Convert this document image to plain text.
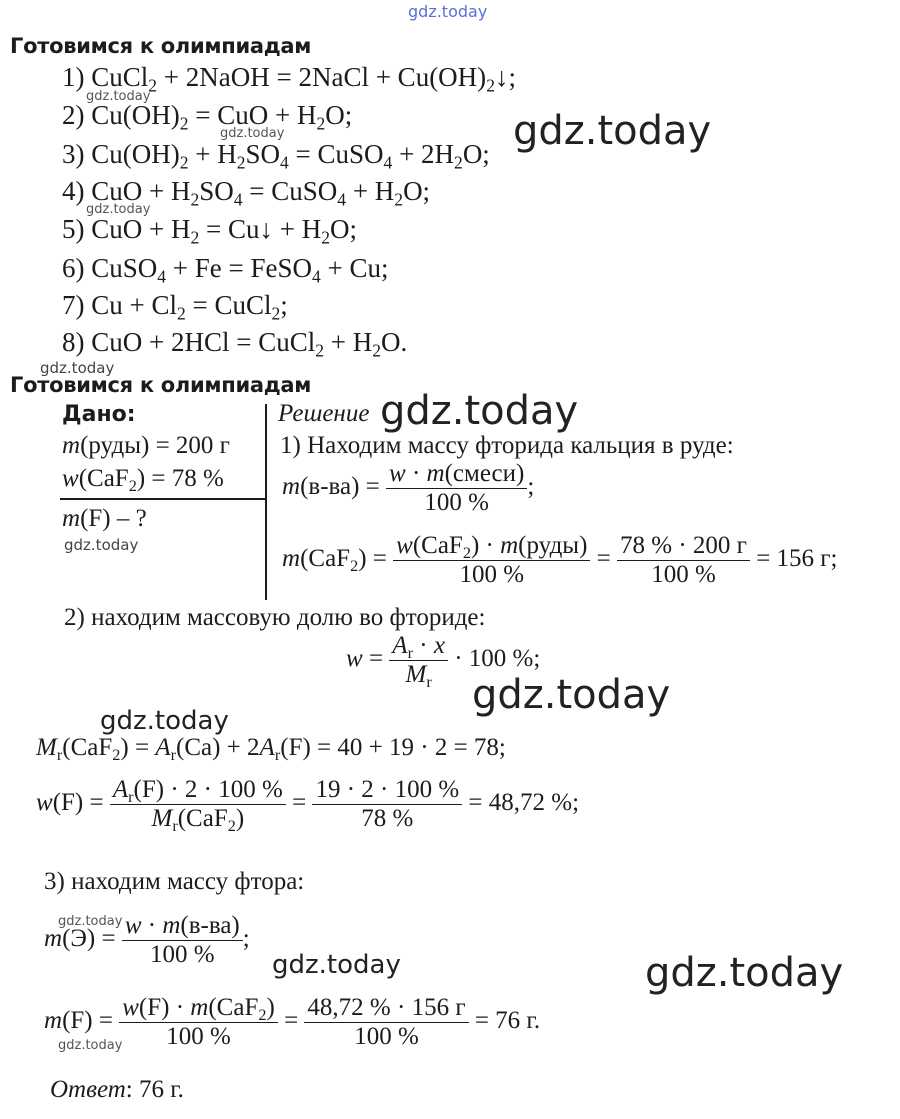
gdz.today
Готовимся к олимпиадам
1) CuCl$_2$ + 2NaOH = 2NaCl + $Cu(OH)_2↓$;
2) $Cu(OH)_2$ = CuO + $H_2O$;
3) $Cu(OH)_2 + H_2SO_4$ = CuSO$_4$ + $2H_2O$;
4) CuO + $H_2SO_4$ = CuSO$_4$ + $H_2O$;
5) CuO + $H_2$ = Cu↓ + $H_2O$;
6) CuSO$_4$ + Fe = FeSO$_4$ + Cu;
7) $Cu + Cl_2$ = CuCl$_2$;
8) CuO + 2HCl = CuCl$_2$ + $H_2O$.
gdz.today
gdz.today
gdz.today
gdz.today
gdz.today
Готовимся к олимпиадам
Дано:
m(руды) = 200 г
w(CaF$_2$) = 78 %
m(F) – ?
gdz.today
Решение gdz.today
1) Находим массу фторида кальция в руде:
$m(в-ва) = \frac{\text{w · m(смеси)}}{100 \%}$ ;
$m(CaF_2) = \frac{w(CaF_2) \cdot m(руды)}{100 \%} = \frac{78 \% \cdot 200 г}{100 \%} = 156$ г;
2) находим массовую долю во фториде:
$w = \frac{A_r \cdot x}{M_r} \cdot 100$ %;
gdz.today
gdz.today
$M_r(CaF_2) = A_r(Ca) + 2A_r(F) = 40 + 19 \cdot 2 = 78$;
$w(F) = \frac{A_r(F) \cdot 2 \cdot 100 \%}{M_r(CaF_2)} = \frac{19 \cdot 2 \cdot 100 \%}{78 \%} = 48,72$ %;
3) находим массу фтора:
gdz.today
$m(Э) = \frac{w \cdot m(в-ва)}{100 \%}$ ;
gdz.today	gdz.today
$m(F) = \frac{w(F) \cdot m(CaF_2)}{100 \%} = \frac{48,72 \% \cdot 156 г}{100 \%} = 76$ г.
gdz.today
Ответ: 76 г.
